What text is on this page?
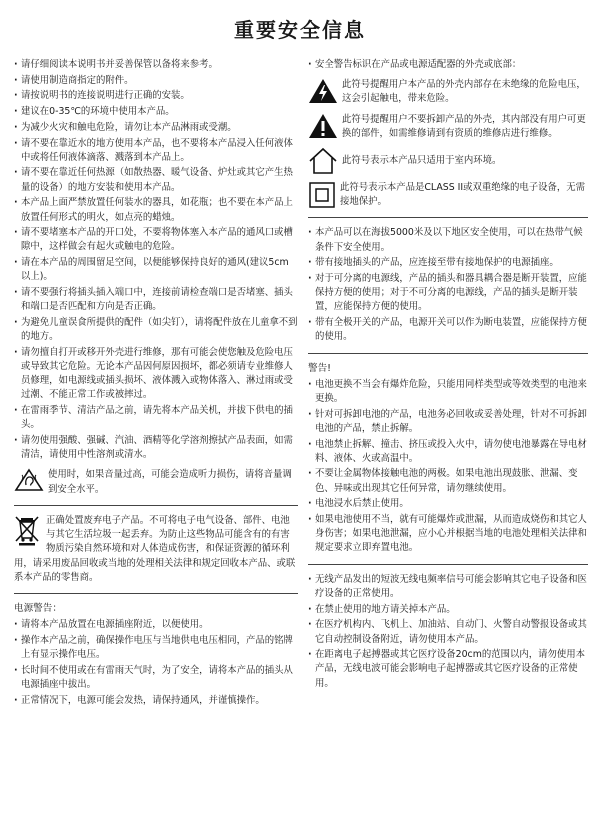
重要安全信息
· 请仔细阅读本说明书并妥善保管以备将来参考。
· 请使用制造商指定的附件。
· 请按说明书的连接说明进行正确的安装。
· 建议在0-35℃的环境中使用本产品。
· 为减少火灾和触电危险，请勿让本产品淋雨或受潮。
· 请不要在靠近水的地方使用本产品，也不要将本产品浸入任何液体中或将任何液体滴落、溅落到本产品上。
· 请不要在靠近任何热源（如散热器、暖气设备、炉灶或其它产生热量的设备）的地方安装和使用本产品。
· 本产品上面严禁放置任何装水的器具，如花瓶；也不要在本产品上放置任何形式的明火，如点亮的蜡烛。
· 请不要堵塞本产品的开口处，不要将物体塞入本产品的通风口或槽隙中，这样做会有起火或触电的危险。
· 请在本产品的周围留足空间，以便能够保持良好的通风(建议5cm以上)。
· 请不要强行将插头插入端口中，连接前请检查端口是否堵塞、插头和端口是否匹配和方向是否正确。
· 为避免儿童误食所提供的配件（如尖钉），请将配件放在儿童拿不到的地方。
· 请勿擅自打开或移开外壳进行维修，那有可能会使您触及危险电压或导致其它危险。无论本产品因何原因损坏，都必须请专业维修人员修理，如电源线或插头损坏、液体溅入或物体落入、淋过雨或受过潮、不能正常工作或被摔过。
· 在雷雨季节、清洁产品之前，请先将本产品关机，并拔下供电的插头。
· 请勿使用强酸、强碱、汽油、酒精等化学溶剂擦拭产品表面，如需清洁，请使用中性溶剂或清水。
使用时，如果音量过高，可能会造成听力损伤，请将音量调到安全水平。
正确处置废弃电子产品。不可将电子电气设备、部件、电池与其它生活垃圾一起丢弃。为防止这些物品可能含有的有害物质污染自然环境和对人体造成伤害，和保证资源的循环利用，请采用废品回收或当地的处理相关法律和规定回收本产品、或联系本产品的零售商。
电源警告：
· 请将本产品放置在电源插座附近，以便使用。
· 操作本产品之前，确保操作电压与当地供电电压相同，产品的铭牌上有显示操作电压。
· 长时间不使用或在有雷雨天气时，为了安全，请将本产品的插头从电源插座中拔出。
· 正常情况下，电源可能会发热，请保持通风，并谨慎操作。
· 安全警告标识在产品或电源适配器的外壳或底部：
此符号提醒用户本产品的外壳内部存在未绝缘的危险电压，这会引起触电，带来危险。
此符号提醒用户不要拆卸产品的外壳，其内部没有用户可更换的部件，如需维修请到有资质的维修店进行维修。
此符号表示本产品只适用于室内环境。
此符号表示本产品是CLASS II或双重绝缘的电子设备，无需接地保护。
· 本产品可以在海拔5000米及以下地区安全使用，可以在热带气候条件下安全使用。
· 带有接地插头的产品，应连接至带有接地保护的电源插座。
· 对于可分离的电源线，产品的插头和器具耦合器是断开装置，应能保持方便的使用；对于不可分离的电源线，产品的插头是断开装置，应能保持方便的使用。
· 带有全极开关的产品，电源开关可以作为断电装置，应能保持方便的使用。
警告!
· 电池更换不当会有爆炸危险，只能用同样类型或等效类型的电池来更换。
· 针对可拆卸电池的产品，电池务必回收或妥善处理，针对不可拆卸电池的产品，禁止拆解。
· 电池禁止拆解、撞击、挤压或投入火中，请勿使电池暴露在导电材料、液体、火或高温中。
· 不要让金属物体接触电池的两极。如果电池出现鼓胀、泄漏、变色、异味或出现其它任何异常，请勿继续使用。
· 电池浸水后禁止使用。
· 如果电池使用不当，就有可能爆炸或泄漏，从而造成烧伤和其它人身伤害；如果电池泄漏，应小心并根据当地的电池处理相关法律和规定要求立即弃置电池。
· 无线产品发出的短波无线电频率信号可能会影响其它电子设备和医疗设备的正常使用。
· 在禁止使用的地方请关掉本产品。
· 在医疗机构内、飞机上、加油站、自动门、火警自动警报设备或其它自动控制设备附近，请勿使用本产品。
· 在距离电子起搏器或其它医疗设备20cm的范围以内，请勿使用本产品，无线电波可能会影响电子起搏器或其它医疗设备的正常使用。
